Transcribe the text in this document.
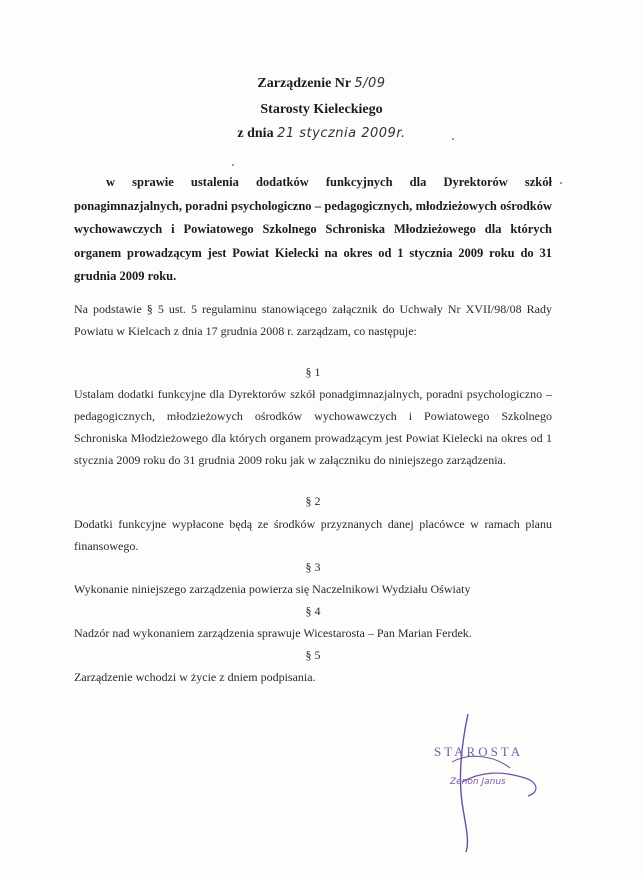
Zarządzenie Nr 5/09
Starosty Kieleckiego
z dnia 21 stycznia 2009r.
w sprawie ustalenia dodatków funkcyjnych dla Dyrektorów szkół ponagimnazjalnych, poradni psychologiczno – pedagogicznych, młodzieżowych ośrodków wychowawczych i Powiatowego Szkolnego Schroniska Młodzieżowego dla których organem prowadzącym jest Powiat Kielecki na okres od 1 stycznia 2009 roku do 31 grudnia 2009 roku.
Na podstawie § 5 ust. 5 regulaminu stanowiącego załącznik do Uchwały Nr XVII/98/08 Rady Powiatu w Kielcach z dnia 17 grudnia 2008 r. zarządzam, co następuje:
§ 1
Ustalam dodatki funkcyjne dla Dyrektorów szkół ponadgimnazjalnych, poradni psychologiczno – pedagogicznych, młodzieżowych ośrodków wychowawczych i Powiatowego Szkolnego Schroniska Młodzieżowego dla których organem prowadzącym jest Powiat Kielecki na okres od 1 stycznia 2009 roku do 31 grudnia 2009 roku jak w załączniku do niniejszego zarządzenia.
§ 2
Dodatki funkcyjne wypłacone będą ze środków przyznanych danej placówce w ramach planu finansowego.
§ 3
Wykonanie niniejszego zarządzenia powierza się Naczelnikowi Wydziału Oświaty
§ 4
Nadzór nad wykonaniem zarządzenia sprawuje Wicestarosta – Pan Marian Ferdek.
§ 5
Zarządzenie wchodzi w życie z dniem podpisania.
STAROSTA
Zenon Janus
